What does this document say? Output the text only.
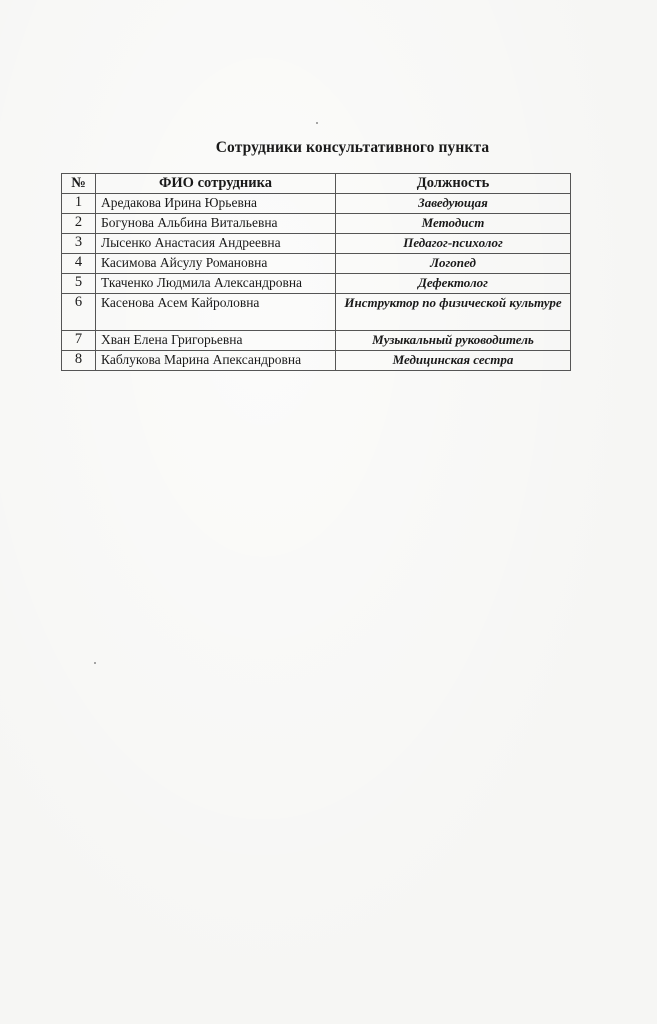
Сотрудники консультативного пункта
№	ФИО сотрудника	Должность
1	Аредакова Ирина Юрьевна	Заведующая
2	Богунова Альбина Витальевна	Методист
3	Лысенко Анастасия Андреевна	Педагог-психолог
4	Касимова Айсулу Романовна	Логопед
5	Ткаченко Людмила Александровна	Дефектолог
6	Касенова Асем Кайроловна	Инструктор по физической культуре
7	Хван Елена Григорьевна	Музыкальный руководитель
8	Каблукова Марина Апександровна	Медицинская сестра
